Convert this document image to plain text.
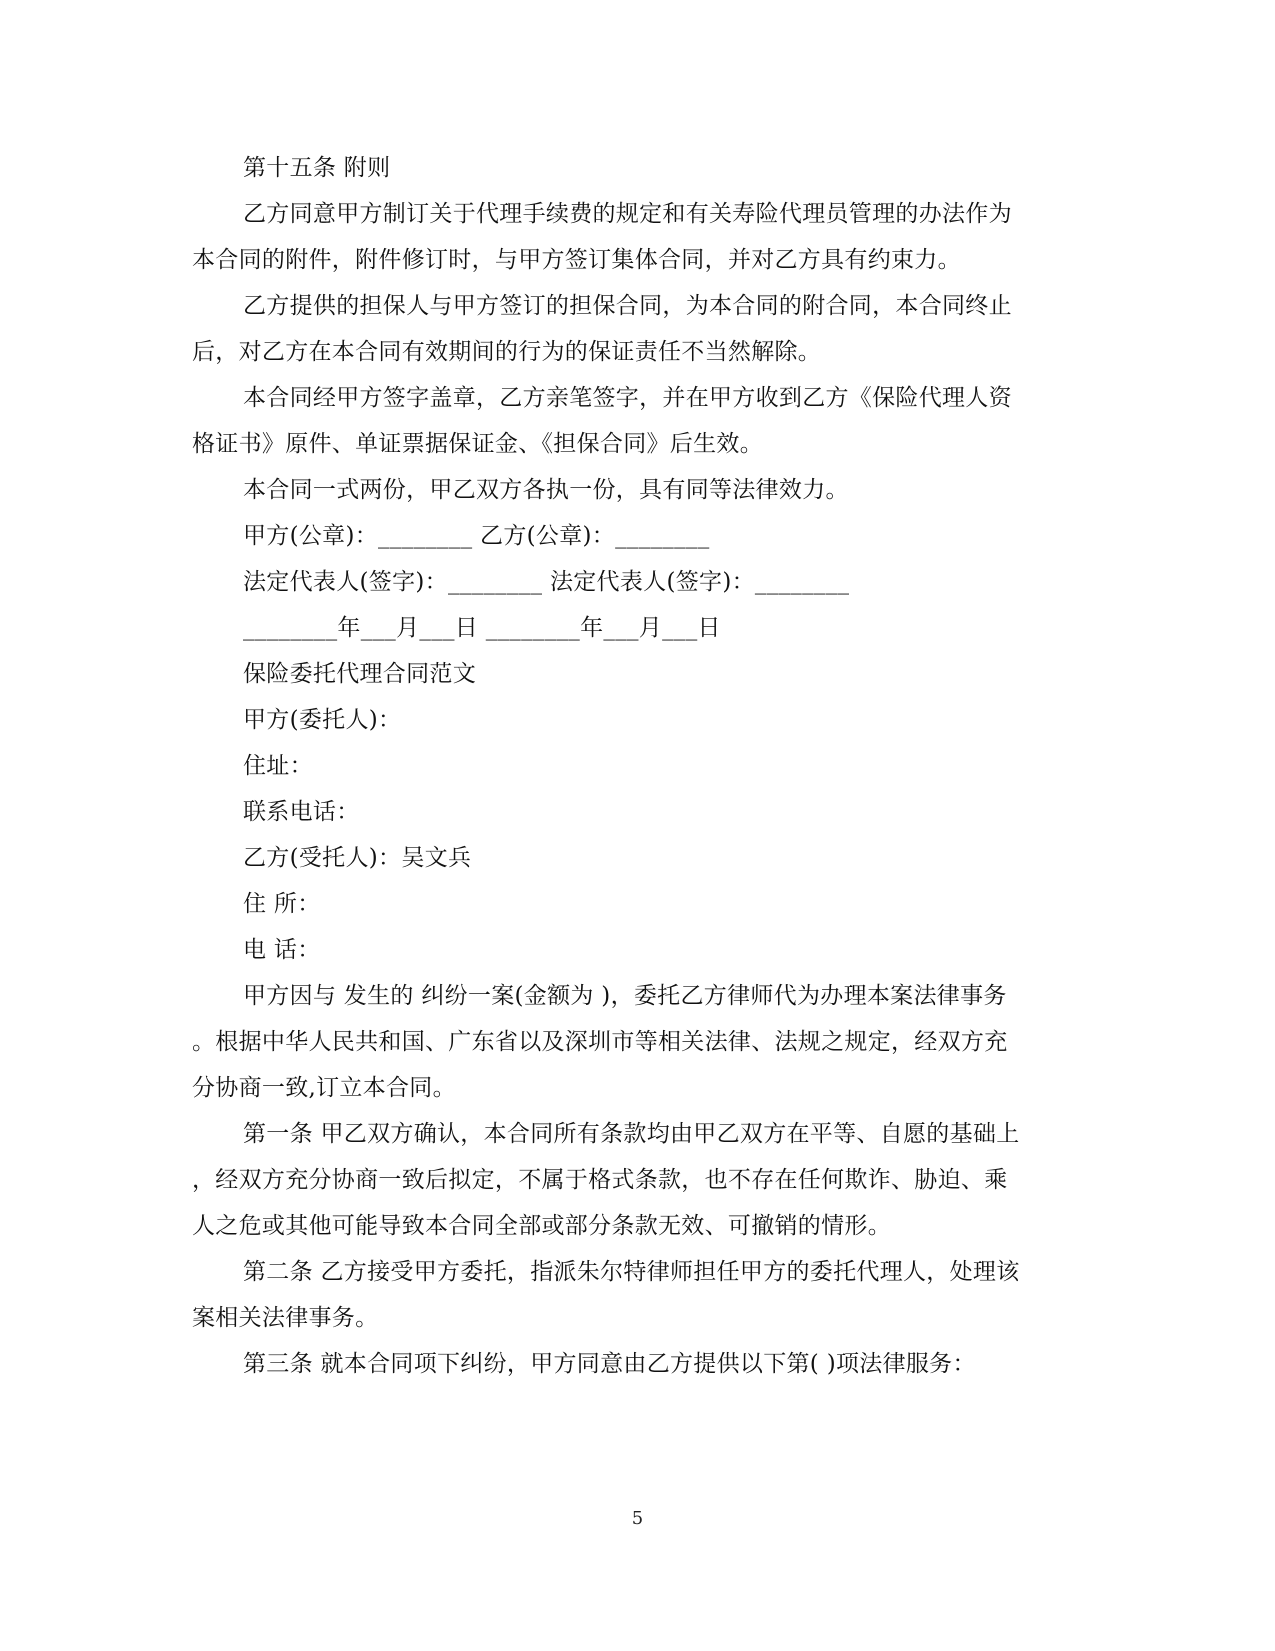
第十五条 附则
乙方同意甲方制订关于代理手续费的规定和有关寿险代理员管理的办法作为
本合同的附件，附件修订时，与甲方签订集体合同，并对乙方具有约束力。
乙方提供的担保人与甲方签订的担保合同，为本合同的附合同，本合同终止
后，对乙方在本合同有效期间的行为的保证责任不当然解除。
本合同经甲方签字盖章，乙方亲笔签字，并在甲方收到乙方《保险代理人资
格证书》原件、单证票据保证金、《担保合同》后生效。
本合同一式两份，甲乙双方各执一份，具有同等法律效力。
甲方(公章)：________ 乙方(公章)：________
法定代表人(签字)：________ 法定代表人(签字)：________
________年___月___日 ________年___月___日
保险委托代理合同范文
甲方(委托人)：
住址：
联系电话：
乙方(受托人)：吴文兵
住 所：
电 话：
甲方因与 发生的 纠纷一案(金额为 )，委托乙方律师代为办理本案法律事务
。根据中华人民共和国、广东省以及深圳市等相关法律、法规之规定，经双方充
分协商一致,订立本合同。
第一条 甲乙双方确认，本合同所有条款均由甲乙双方在平等、自愿的基础上
，经双方充分协商一致后拟定，不属于格式条款，也不存在任何欺诈、胁迫、乘
人之危或其他可能导致本合同全部或部分条款无效、可撤销的情形。
第二条 乙方接受甲方委托，指派朱尔特律师担任甲方的委托代理人，处理该
案相关法律事务。
第三条 就本合同项下纠纷，甲方同意由乙方提供以下第( )项法律服务：
5
